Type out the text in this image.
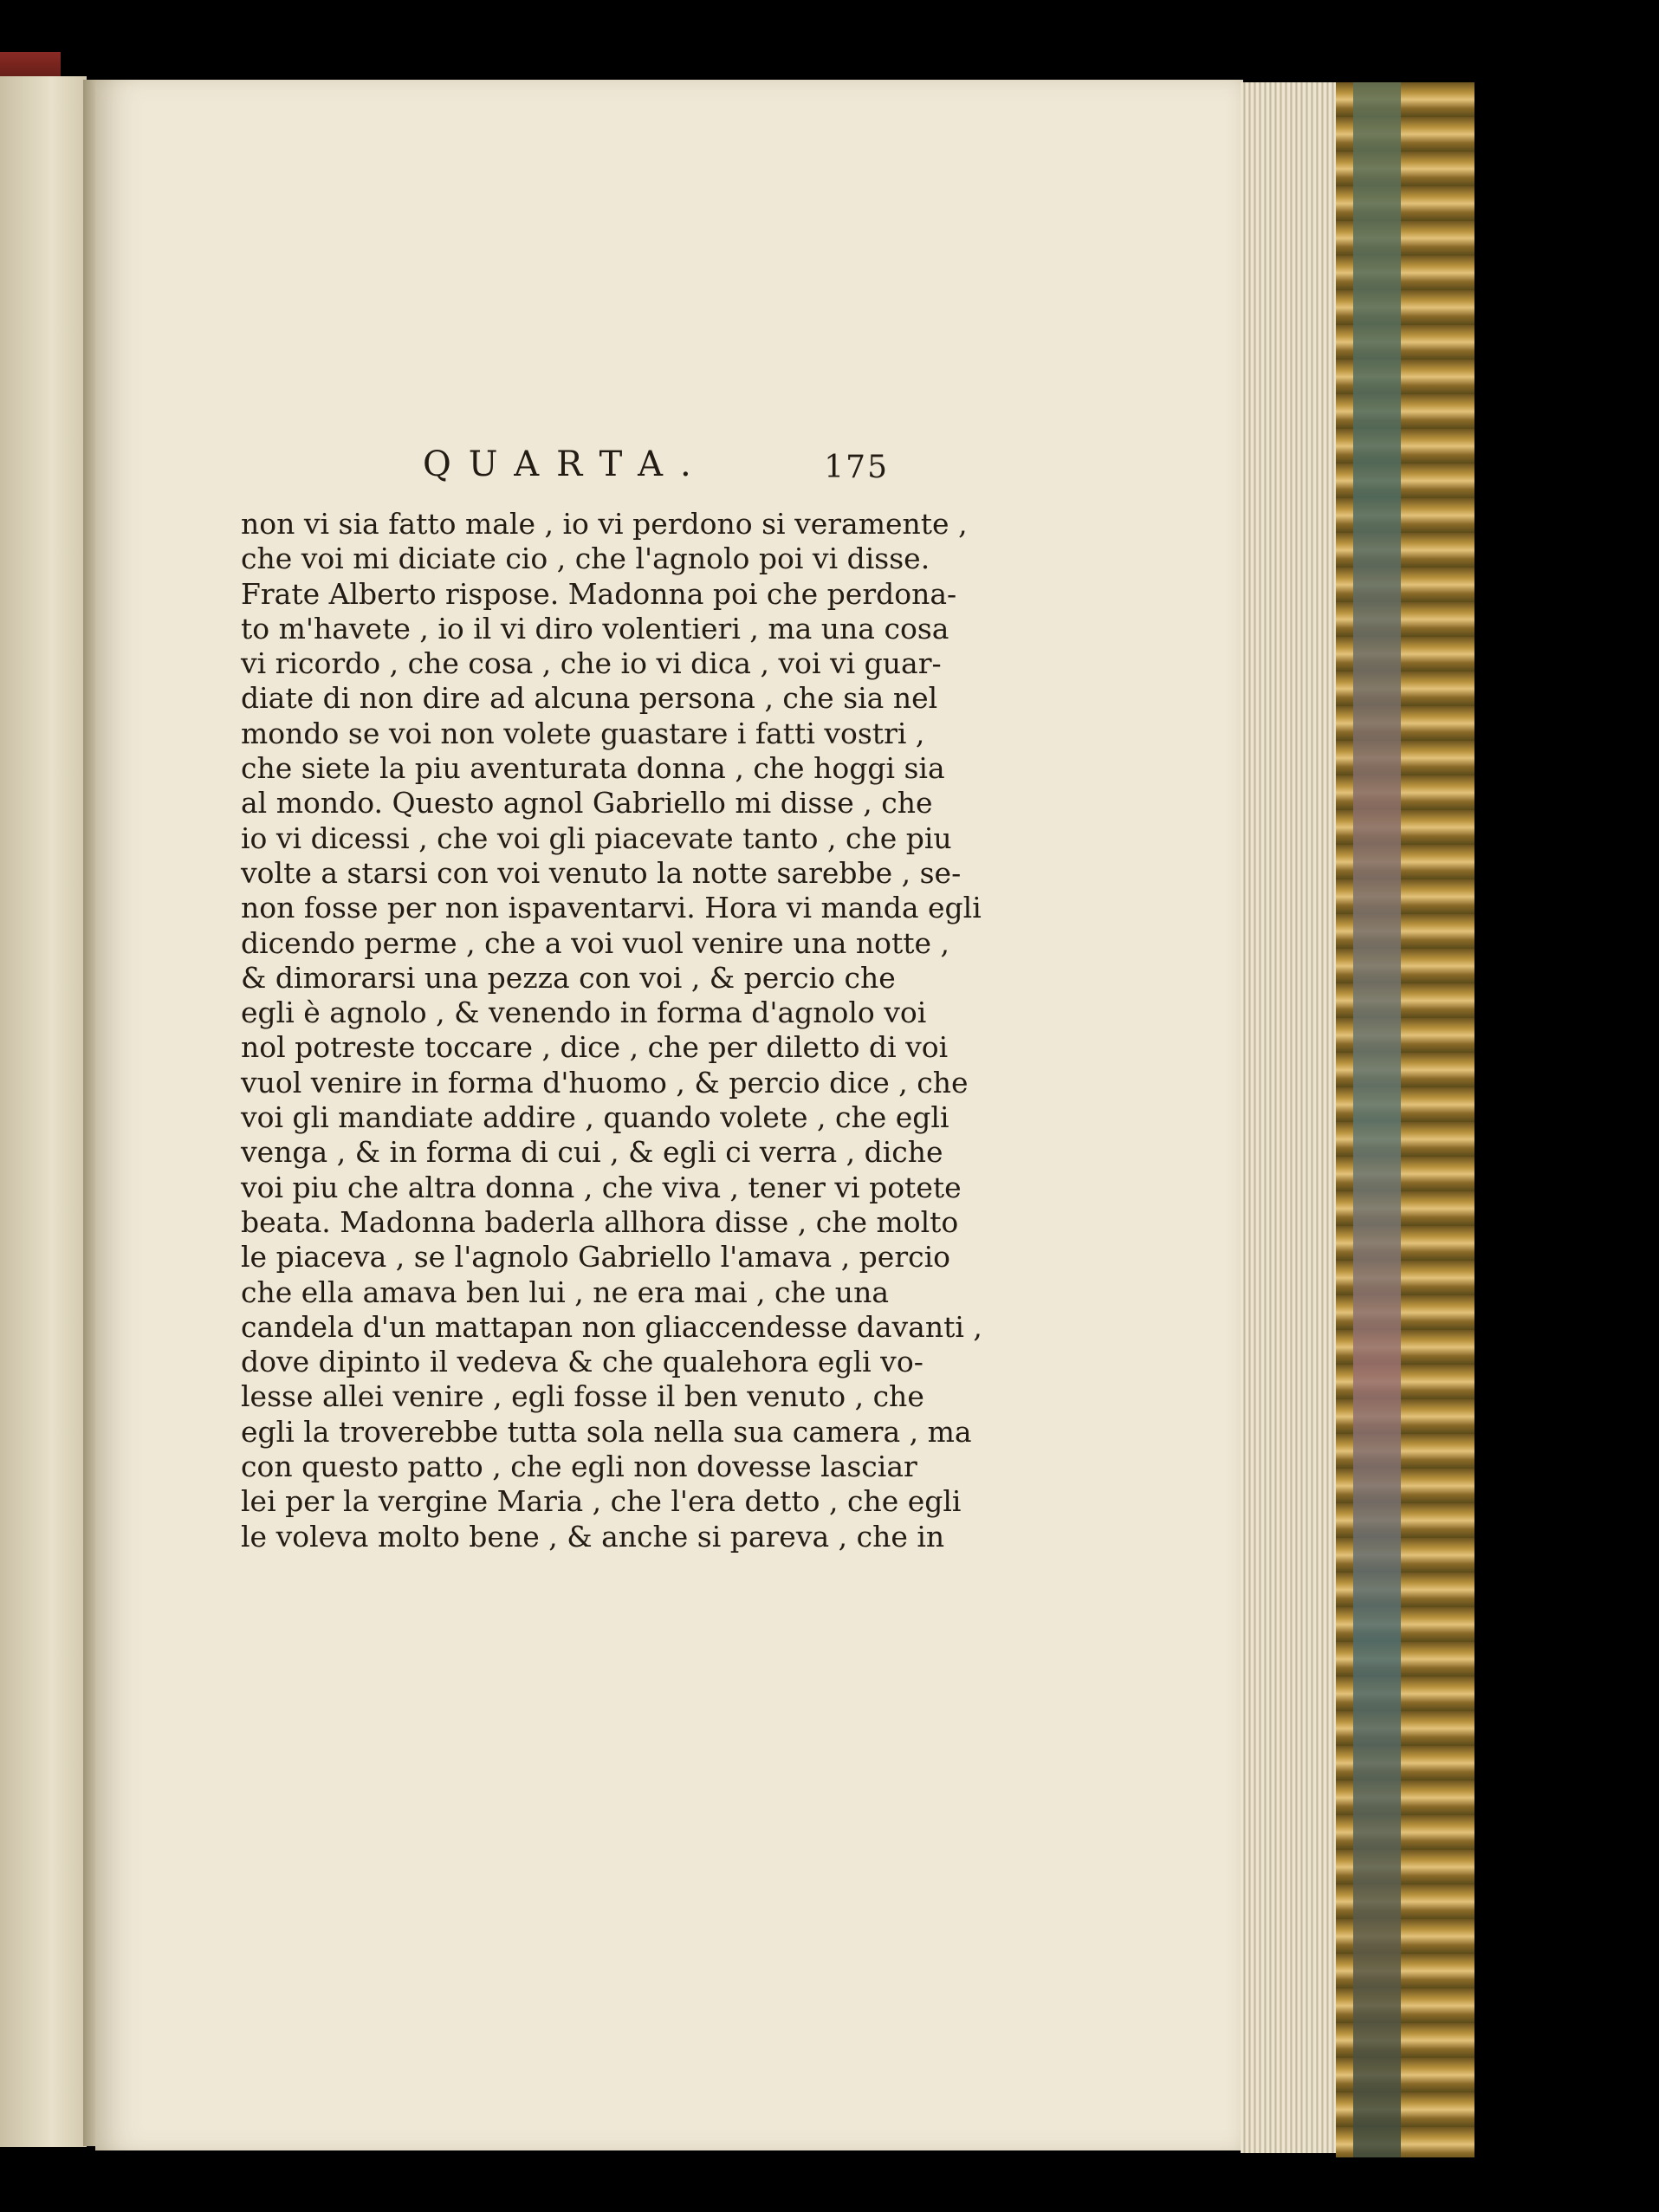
QUARTA.	175
non vi sia fatto male , io vi perdono si veramente ,
che voi mi diciate cio , che l'agnolo poi vi disse.
Frate Alberto rispose. Madonna poi che perdona-
to m'havete , io il vi diro volentieri , ma una cosa
vi ricordo , che cosa , che io vi dica , voi vi guar-
diate di non dire ad alcuna persona , che sia nel
mondo se voi non volete guastare i fatti vostri ,
che siete la piu aventurata donna , che hoggi sia
al mondo. Questo agnol Gabriello mi disse , che
io vi dicessi , che voi gli piacevate tanto , che piu
volte a starsi con voi venuto la notte sarebbe , se-
non fosse per non ispaventarvi. Hora vi manda egli
dicendo perme , che a voi vuol venire una notte ,
& dimorarsi una pezza con voi , & percio che
egli è agnolo , & venendo in forma d'agnolo voi
nol potreste toccare , dice , che per diletto di voi
vuol venire in forma d'huomo , & percio dice , che
voi gli mandiate addire , quando volete , che egli
venga , & in forma di cui , & egli ci verra , diche
voi piu che altra donna , che viva , tener vi potete
beata. Madonna baderla allhora disse , che molto
le piaceva , se l'agnolo Gabriello l'amava , percio
che ella amava ben lui , ne era mai , che una
candela d'un mattapan non gliaccendesse davanti ,
dove dipinto il vedeva & che qualehora egli vo-
lesse allei venire , egli fosse il ben venuto , che
egli la troverebbe tutta sola nella sua camera , ma
con questo patto , che egli non dovesse lasciar
lei per la vergine Maria , che l'era detto , che egli
le voleva molto bene , & anche si pareva , che in
